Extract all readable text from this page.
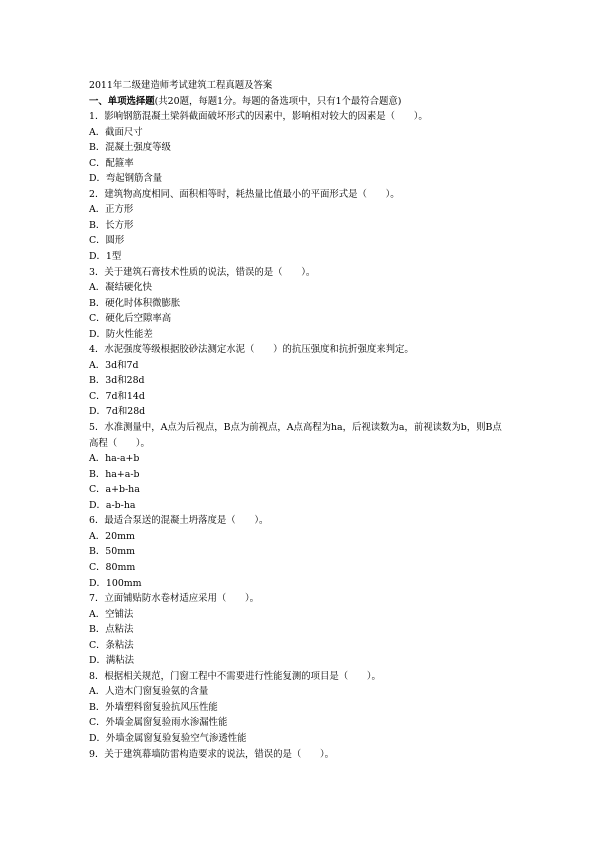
2011年二级建造师考试建筑工程真题及答案
一、单项选择题(共20题，每题1分。每题的备选项中，只有1个最符合题意)
1．影响钢筋混凝土梁斜截面破坏形式的因素中，影响相对较大的因素是（　　）。
A．截面尺寸
B．混凝土强度等级
C．配箍率
D．弯起钢筋含量
2．建筑物高度相同、面积相等时，耗热量比值最小的平面形式是（　　）。
A．正方形
B．长方形
C．圆形
D．1型
3．关于建筑石膏技术性质的说法，错误的是（　　）。
A．凝结硬化快
B．硬化时体积微膨胀
C．硬化后空隙率高
D．防火性能差
4．水泥强度等级根据胶砂法测定水泥（　　）的抗压强度和抗折强度来判定。
A．3d和7d
B．3d和28d
C．7d和14d
D．7d和28d
5．水准测量中，A点为后视点，B点为前视点，A点高程为ha，后视读数为a，前视读数为b，则B点高程（　　）。
A．ha-a+b
B．ha+a-b
C．a+b-ha
D．a-b-ha
6．最适合泵送的混凝土坍落度是（　　）。
A．20mm
B．50mm
C．80mm
D．100mm
7．立面铺贴防水卷材适应采用（　　）。
A．空铺法
B．点粘法
C．条粘法
D．满粘法
8．根据相关规范，门窗工程中不需要进行性能复测的项目是（　　）。
A．人造木门窗复验氨的含量
B．外墙塑料窗复验抗风压性能
C．外墙金属窗复验雨水渗漏性能
D．外墙金属窗复验复验空气渗透性能
9．关于建筑幕墙防雷构造要求的说法，错误的是（　　）。
